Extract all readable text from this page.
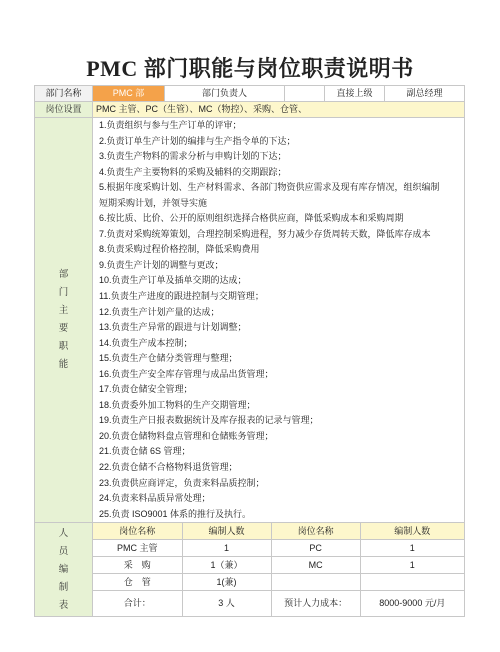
PMC 部门职能与岗位职责说明书
部门名称	PMC 部	部门负责人		直接上级	副总经理
岗位设置	PMC 主管、PC（生管）、MC（物控）、采购、仓管、

部
门
主
要
职
能

1.负责组织与参与生产订单的评审；
2.负责订单生产计划的编排与生产指令单的下达；
3.负责生产物料的需求分析与申购计划的下达；
4.负责生产主要物料的采购及辅料的交期跟踪；
5.根据年度采购计划、生产材料需求、各部门物资供应需求及现有库存情况，组织编制
短期采购计划，并领导实施
6.按比质、比价、公开的原则组织选择合格供应商，降低采购成本和采购周期
7.负责对采购统筹策划，合理控制采购进程，努力减少存货周转天数，降低库存成本
8.负责采购过程价格控制，降低采购费用
9.负责生产计划的调整与更改；
10.负责生产订单及插单交期的达成；
11.负责生产进度的跟进控制与交期管理；
12.负责生产计划产量的达成；
13.负责生产异常的跟进与计划调整；
14.负责生产成本控制；
15.负责生产仓储分类管理与整理；
16.负责生产安全库存管理与成品出货管理；
17.负责仓储安全管理；
18.负责委外加工物料的生产交期管理；
19.负责生产日报表数据统计及库存报表的记录与管理；
20.负责仓储物料盘点管理和仓储账务管理；
21.负责仓储 6S 管理；
22.负责仓储不合格物料退货管理；
23.负责供应商评定，负责来料品质控制；
24.负责来料品质异常处理；
25.负责 ISO9001 体系的推行及执行。

人
员
编
制
表

岗位名称	编制人数	岗位名称	编制人数
PMC 主管	1	PC	1
采　购	1（兼）	MC	1
仓　管	1(兼)		
合计：	3 人	预计人力成本：	8000-9000 元/月
